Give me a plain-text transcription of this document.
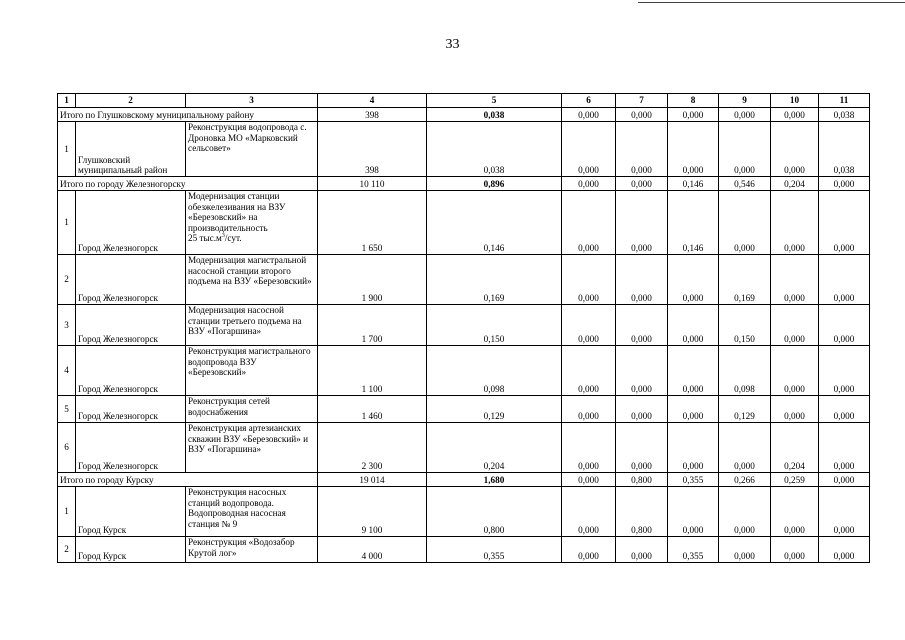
33
1	2	3	4	5	6	7	8	9	10	11
Итого по Глушковскому муниципальному району			398	0,038	0,000	0,000	0,000	0,000	0,000	0,038
1	Глушковский муниципальный район	Реконструкция водопровода с. Дроновка МО «Марковский сельсовет»	398	0,038	0,000	0,000	0,000	0,000	0,000	0,038
Итого по городу Железногорску			10 110	0,896	0,000	0,000	0,146	0,546	0,204	0,000
1	Город Железногорск	Модернизация станции обезжелезивания на ВЗУ «Березовский» на производительность
25 $тыс.м^3$/сут.	1 650	0,146	0,000	0,000	0,146	0,000	0,000	0,000
2	Город Железногорск	Модернизация магистральной насосной станции второго подъема на ВЗУ «Березовский»	1 900	0,169	0,000	0,000	0,000	0,169	0,000	0,000
3	Город Железногорск	Модернизация насосной станции третьего подъема на ВЗУ «Погаршина»	1 700	0,150	0,000	0,000	0,000	0,150	0,000	0,000
4	Город Железногорск	Реконструкция магистрального водопровода ВЗУ «Березовский»	1 100	0,098	0,000	0,000	0,000	0,098	0,000	0,000
5	Город Железногорск	Реконструкция сетей водоснабжения	1 460	0,129	0,000	0,000	0,000	0,129	0,000	0,000
6	Город Железногорск	Реконструкция артезианских скважин ВЗУ «Березовский» и ВЗУ «Погаршина»	2 300	0,204	0,000	0,000	0,000	0,000	0,204	0,000
Итого по городу Курску			19 014	1,680	0,000	0,800	0,355	0,266	0,259	0,000
1	Город Курск	Реконструкция насосных станций водопровода. Водопроводная насосная станция № 9	9 100	0,800	0,000	0,800	0,000	0,000	0,000	0,000
2	Город Курск	Реконструкция «Водозабор Крутой лог»	4 000	0,355	0,000	0,000	0,355	0,000	0,000	0,000
